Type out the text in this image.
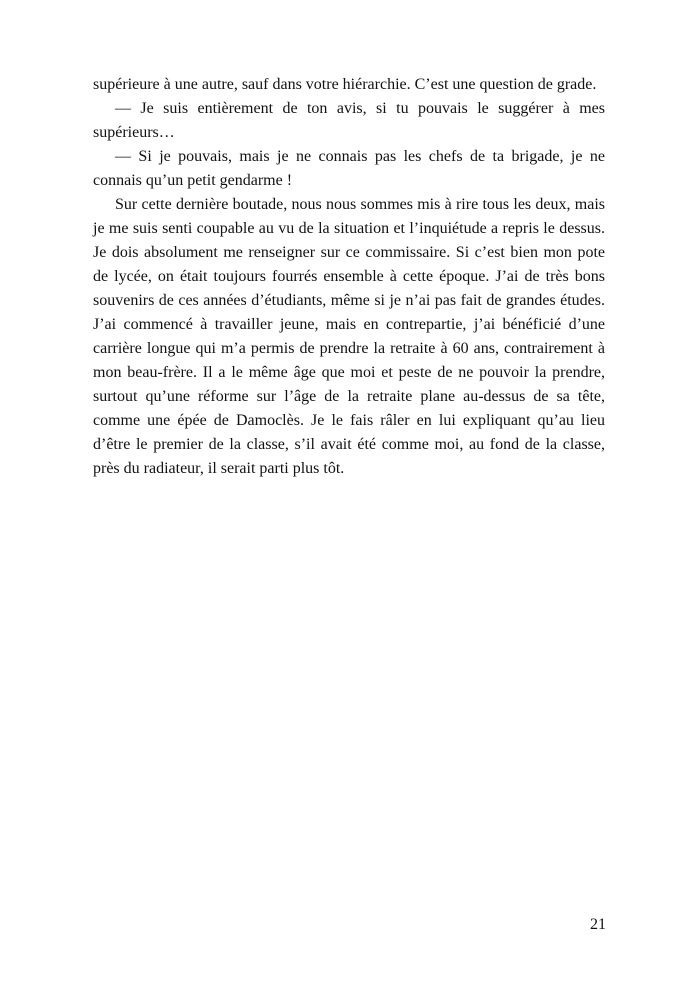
supérieure à une autre, sauf dans votre hiérarchie. C’est une question de grade.

— Je suis entièrement de ton avis, si tu pouvais le suggérer à mes supérieurs…

— Si je pouvais, mais je ne connais pas les chefs de ta brigade, je ne connais qu’un petit gendarme !

Sur cette dernière boutade, nous nous sommes mis à rire tous les deux, mais je me suis senti coupable au vu de la situation et l’inquiétude a repris le dessus. Je dois absolument me renseigner sur ce commissaire. Si c’est bien mon pote de lycée, on était toujours fourrés ensemble à cette époque. J’ai de très bons souvenirs de ces années d’étudiants, même si je n’ai pas fait de grandes études. J’ai commencé à travailler jeune, mais en contrepartie, j’ai bénéficié d’une carrière longue qui m’a permis de prendre la retraite à 60 ans, contrairement à mon beau-frère. Il a le même âge que moi et peste de ne pouvoir la prendre, surtout qu’une réforme sur l’âge de la retraite plane au-dessus de sa tête, comme une épée de Damoclès. Je le fais râler en lui expliquant qu’au lieu d’être le premier de la classe, s’il avait été comme moi, au fond de la classe, près du radiateur, il serait parti plus tôt.

21
